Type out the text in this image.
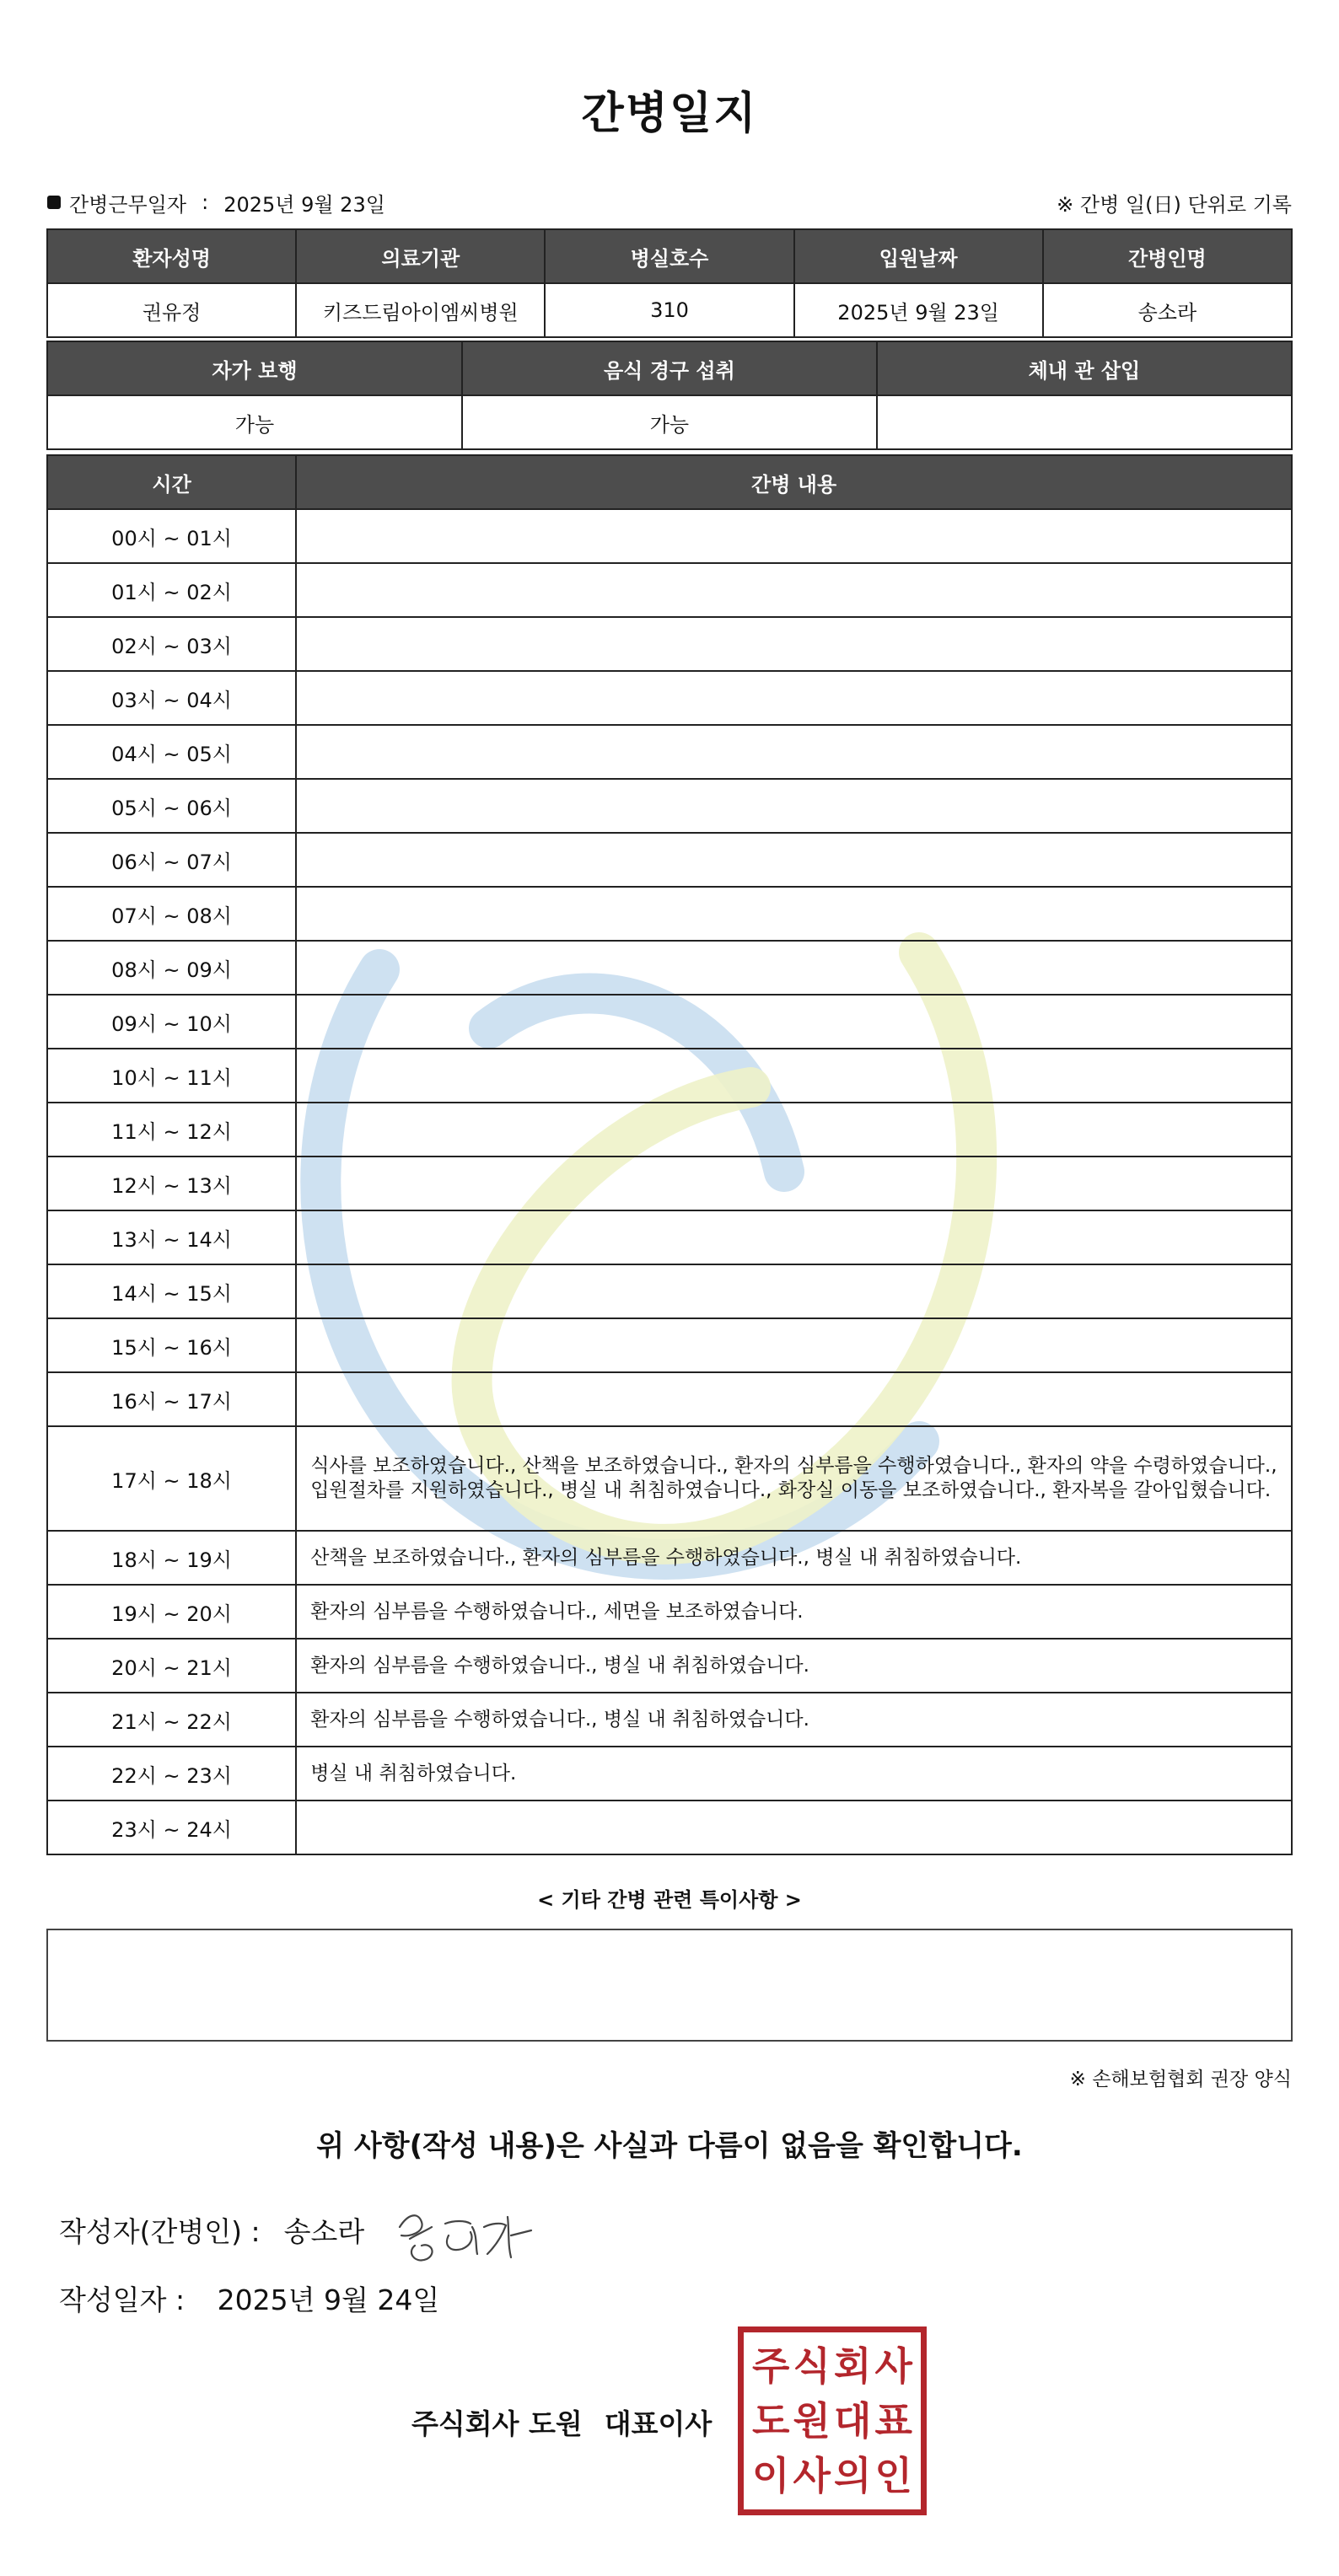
간병일지
간병근무일자 : 2025년 9월 23일	※ 간병 일(日) 단위로 기록
환자성명	의료기관	병실호수	입원날짜	간병인명
권유정	키즈드림아이엠씨병원	310	2025년 9월 23일	송소라
자가 보행	음식 경구 섭취	체내 관 삽입
가능	가능	
시간	간병 내용
00시 ~ 01시	
01시 ~ 02시	
02시 ~ 03시	
03시 ~ 04시	
04시 ~ 05시	
05시 ~ 06시	
06시 ~ 07시	
07시 ~ 08시	
08시 ~ 09시	
09시 ~ 10시	
10시 ~ 11시	
11시 ~ 12시	
12시 ~ 13시	
13시 ~ 14시	
14시 ~ 15시	
15시 ~ 16시	
16시 ~ 17시	
17시 ~ 18시	식사를 보조하였습니다., 산책을 보조하였습니다., 환자의 심부름을 수행하였습니다., 환자의 약을 수령하였습니다., 입원절차를 지원하였습니다., 병실 내 취침하였습니다., 화장실 이동을 보조하였습니다., 환자복을 갈아입혔습니다.
18시 ~ 19시	산책을 보조하였습니다., 환자의 심부름을 수행하였습니다., 병실 내 취침하였습니다.
19시 ~ 20시	환자의 심부름을 수행하였습니다., 세면을 보조하였습니다.
20시 ~ 21시	환자의 심부름을 수행하였습니다., 병실 내 취침하였습니다.
21시 ~ 22시	환자의 심부름을 수행하였습니다., 병실 내 취침하였습니다.
22시 ~ 23시	병실 내 취침하였습니다.
23시 ~ 24시	
< 기타 간병 관련 특이사항 >
※ 손해보험협회 권장 양식
위 사항(작성 내용)은 사실과 다름이 없음을 확인합니다.
작성자(간병인) : 송소라
작성일자 : 2025년 9월 24일
주식회사 도원 대표이사
주 식 회 사
도 원 대 표
이 사 의 인
